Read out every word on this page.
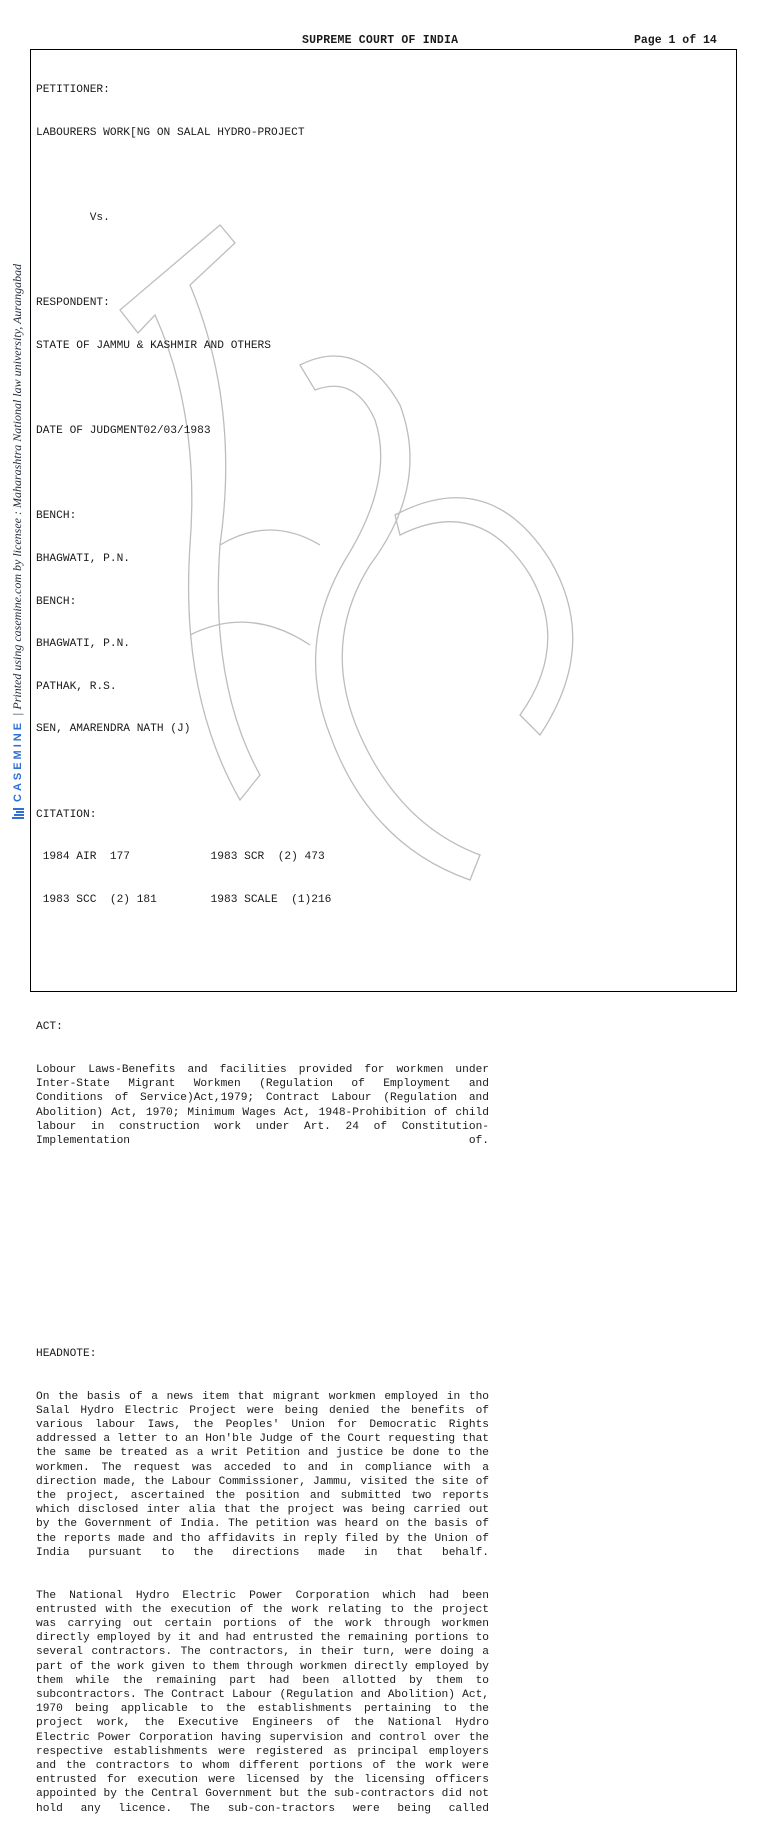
SUPREME COURT OF INDIA	Page 1 of 14

PETITIONER:

LABOURERS WORK[NG ON SALAL HYDRO-PROJECT

Vs.

RESPONDENT:

STATE OF JAMMU & KASHMIR AND OTHERS

DATE OF JUDGMENT02/03/1983

BENCH:

BHAGWATI, P.N.

BENCH:

BHAGWATI, P.N.

PATHAK, R.S.

SEN, AMARENDRA NATH (J)

CITATION:

1984 AIR  177            1983 SCR  (2) 473

1983 SCC  (2) 181        1983 SCALE  (1)216

ACT:

Lobour Laws-Benefits and facilities provided for workmen under Inter-State Migrant Workmen (Regulation of Employment and Conditions of Service)Act,1979; Contract Labour (Regulation and Abolition) Act, 1970; Minimum Wages Act, 1948-Prohibition of child labour in construction work under Art. 24 of Constitution-Implementation of.

HEADNOTE:

On the basis of a news item that migrant workmen employed in tho Salal Hydro Electric Project were being denied the benefits of various labour Iaws, the Peoples' Union for Democratic Rights addressed a letter to an Hon'ble Judge of the Court requesting that the same be treated as a writ Petition and justice be done to the workmen. The request was acceded to and in compliance with a direction made, the Labour Commissioner, Jammu, visited the site of the project, ascertained the position and submitted two reports which disclosed inter alia that the project was being carried out by the Government of India. The petition was heard on the basis of the reports made and tho affidavits in reply filed by the Union of India pursuant to the directions made in that behalf.

The National Hydro Electric Power Corporation which had been entrusted with the execution of the work relating to the project was carrying out certain portions of the work through workmen directly employed by it and had entrusted the remaining portions to several contractors. The contractors, in their turn, were doing a part of the work given to them through workmen directly employed by them while the remaining part had been allotted by them to subcontractors. The Contract Labour (Regulation and Abolition) Act, 1970 being applicable to the establishments pertaining to the project work, the Executive Engineers of the National Hydro Electric Power Corporation having supervision and control over the respective establishments were registered as principal employers and the contractors to whom different portions of the work were entrusted for execution were licensed by the licensing officers appointed by the Central Government but the sub-contractors did not hold any licence. The sub-con-tractors were being called

CASEMINE
| Printed using casemine.com by licensee : Maharashtra National law university, Aurangabad
